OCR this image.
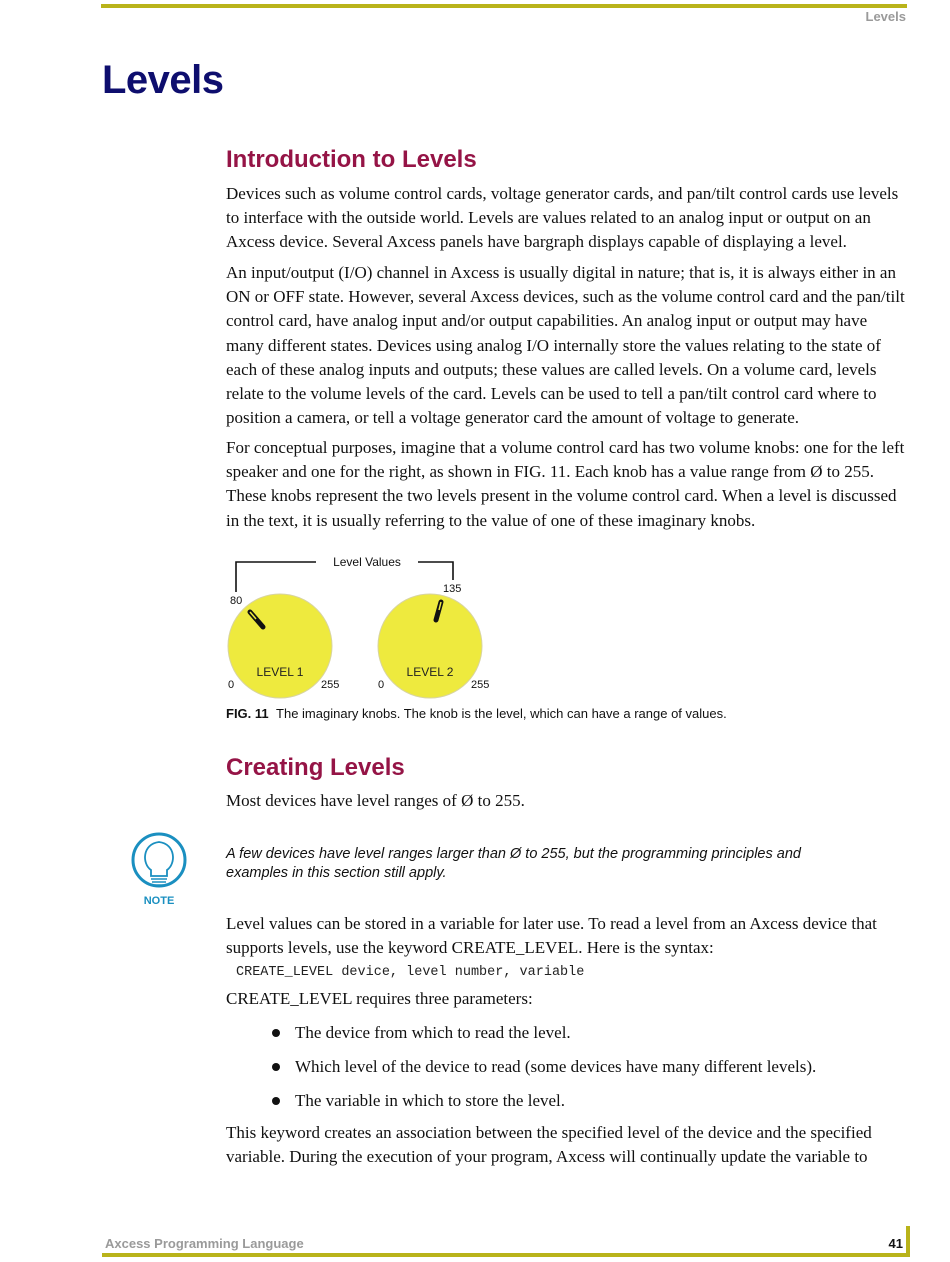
Levels
Levels
Introduction to Levels

Devices such as volume control cards, voltage generator cards, and pan/tilt control cards use levels to interface with the outside world. Levels are values related to an analog input or output on an Axcess device. Several Axcess panels have bargraph displays capable of displaying a level.

An input/output (I/O) channel in Axcess is usually digital in nature; that is, it is always either in an ON or OFF state. However, several Axcess devices, such as the volume control card and the pan/tilt control card, have analog input and/or output capabilities. An analog input or output may have many different states. Devices using analog I/O internally store the values relating to the state of each of these analog inputs and outputs; these values are called levels. On a volume card, levels relate to the volume levels of the card. Levels can be used to tell a pan/tilt control card where to position a camera, or tell a voltage generator card the amount of voltage to generate.

For conceptual purposes, imagine that a volume control card has two volume knobs: one for the left speaker and one for the right, as shown in FIG. 11. Each knob has a value range from Ø to 255. These knobs represent the two levels present in the volume control card. When a level is discussed in the text, it is usually referring to the value of one of these imaginary knobs.

Level Values
80
LEVEL 1
0	255
135
LEVEL 2
0	255
FIG. 11 The imaginary knobs. The knob is the level, which can have a range of values.
Creating Levels

Most devices have level ranges of Ø to 255.

Level values can be stored in a variable for later use. To read a level from an Axcess device that supports levels, use the keyword CREATE_LEVEL. Here is the syntax:

CREATE_LEVEL requires three parameters:

This keyword creates an association between the specified level of the device and the specified variable. During the execution of your program, Axcess will continually update the variable to

NOTE
A few devices have level ranges larger than Ø to 255, but the programming principles and examples in this section still apply.
CREATE_LEVEL device, level number, variable
The device from which to read the level.
Which level of the device to read (some devices have many different levels).
The variable in which to store the level.
Axcess Programming Language	41
